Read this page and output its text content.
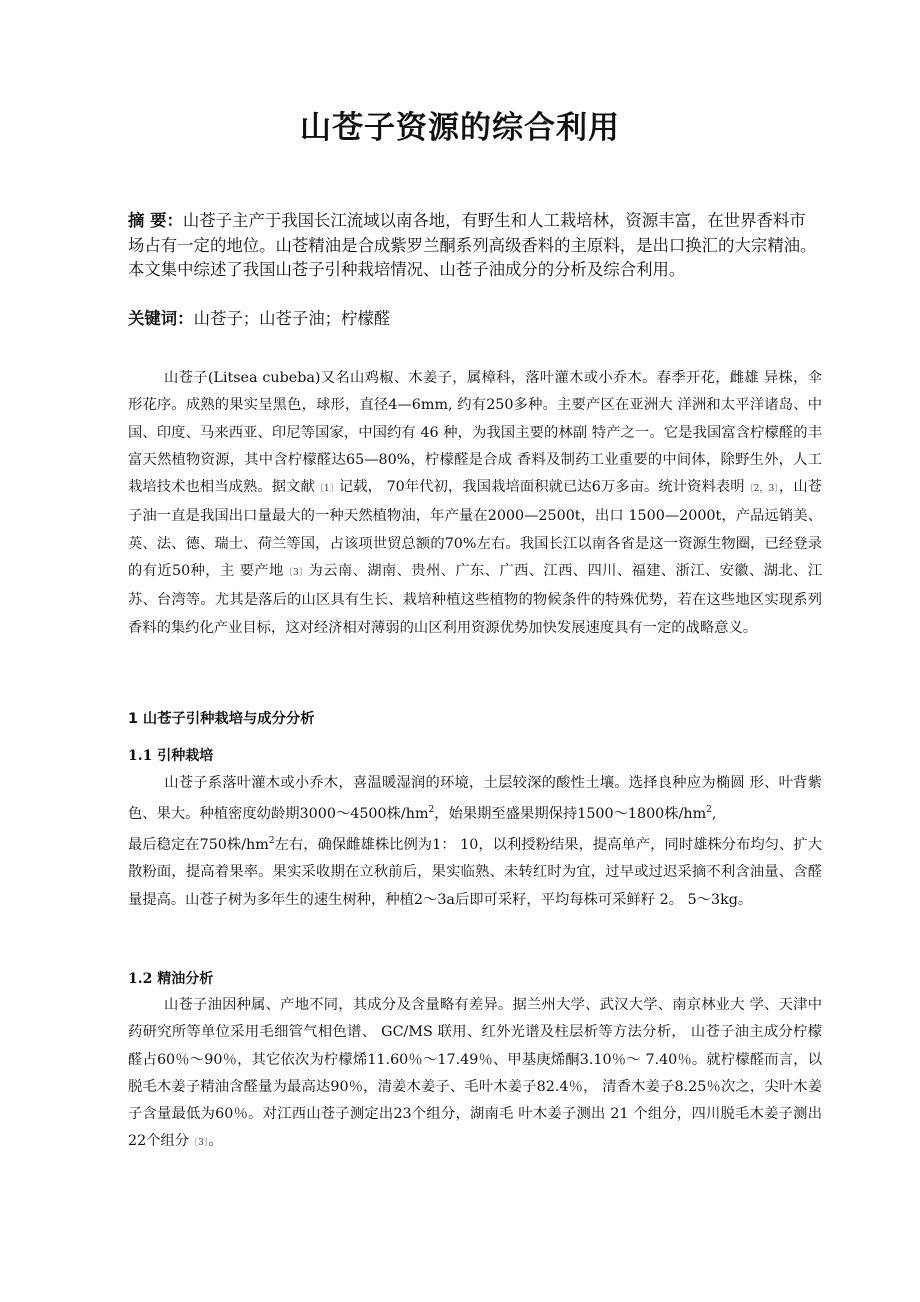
山苍子资源的综合利用

摘 要：山苍子主产于我国长江流域以南各地，有野生和人工栽培林，资源丰富，在世界香料市场占有一定的地位。山苍精油是合成紫罗兰酮系列高级香料的主原料，是出口换汇的大宗精油。本文集中综述了我国山苍子引种栽培情况、山苍子油成分的分析及综合利用。

关键词：山苍子；山苍子油；柠檬醛

山苍子(Litsea cubeba)又名山鸡椒、木姜子，属樟科，落叶灌木或小乔木。春季开花，雌雄 异株，伞形花序。成熟的果实呈黑色，球形，直径4—6mm, 约有250多种。主要产区在亚洲大 洋洲和太平洋诸岛、中国、印度、马来西亚、印尼等国家，中国约有 46 种，为我国主要的林副 特产之一。它是我国富含柠檬醛的丰富天然植物资源，其中含柠檬醛达65—80%，柠檬醛是合成 香料及制药工业重要的中间体，除野生外，人工栽培技术也相当成熟。据文献〔1〕记载， 70年代初，我国栽培面积就已达6万多亩。统计资料表明〔2，3〕，山苍子油一直是我国出口量最大的一种天然植物油，年产量在2000—2500t，出口 1500—2000t，产品远销美、英、法、德、瑞士、荷兰等国，占该项世贸总额的70%左右。我国长江以南各省是这一资源生物圈，已经登录的有近50种，主 要产地〔3〕为云南、湖南、贵州、广东、广西、江西、四川、福建、浙江、安徽、湖北、江苏、台湾等。尤其是落后的山区具有生长、栽培种植这些植物的物候条件的特殊优势，若在这些地区实现系列香料的集约化产业目标，这对经济相对薄弱的山区利用资源优势加快发展速度具有一定的战略意义。

1 山苍子引种栽培与成分分析
1.1 引种栽培

山苍子系落叶灌木或小乔木，喜温暖湿润的环境，土层较深的酸性土壤。选择良种应为椭圆 形、叶背紫色、果大。种植密度幼龄期3000～4500株$/hm^2$，始果期至盛果期保持1500～1800株$/hm^2$,
最后稳定在750株$/hm^2$左右，确保雌雄株比例为1： 10，以利授粉结果，提高单产，同时雄株分布均匀、扩大散粉面，提高着果率。果实采收期在立秋前后，果实临熟、未转红时为宜，过早或过迟采摘不利含油量、含醛量提高。山苍子树为多年生的速生树种，种植2～3a后即可采籽，平均每株可采鲜籽 2。 5～3kg。

1.2 精油分析

山苍子油因种属、产地不同，其成分及含量略有差异。据兰州大学、武汉大学、南京林业大 学、天津中药研究所等单位采用毛细管气相色谱、 GC/MS 联用、红外光谱及柱层析等方法分析， 山苍子油主成分柠檬醛占60％～90％，其它依次为柠檬烯11.60％～17.49％、甲基庚烯酮3.10％～ 7.40％。就柠檬醛而言，以脱毛木姜子精油含醛量为最高达90％，清姜木姜子、毛叶木姜子82.4％， 清香木姜子8.25％次之，尖叶木姜子含量最低为60％。对江西山苍子测定出23个组分，湖南毛 叶木姜子测出 21 个组分，四川脱毛木姜子测出22个组分〔3〕。
